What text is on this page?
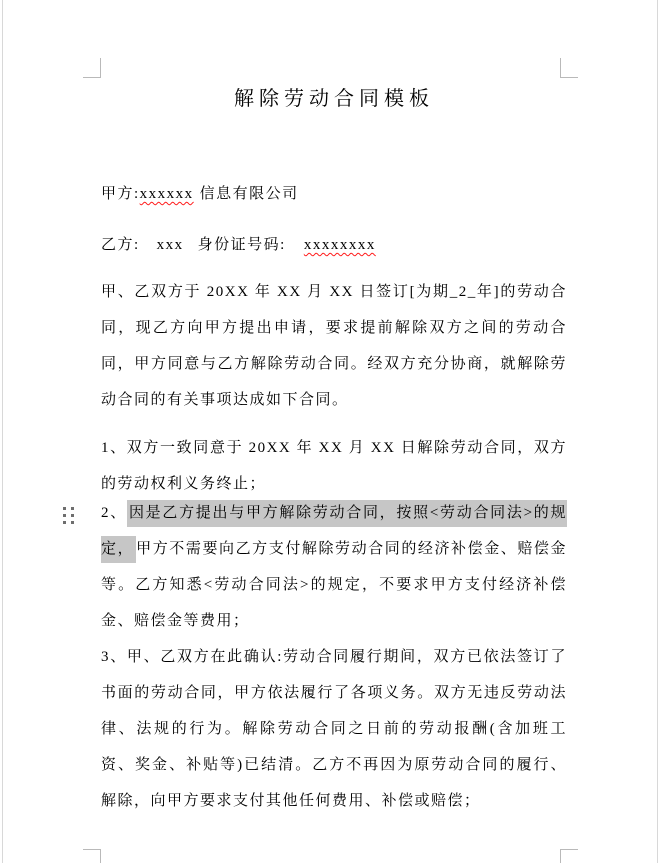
解除劳动合同模板
甲方:xxxxxx 信息有限公司
乙方: xxx 身份证号码: xxxxxxxx
甲、乙双方于 20XX 年 XX 月 XX 日签订[为期_2_年]的劳动合同，现乙方向甲方提出申请，要求提前解除双方之间的劳动合同，甲方同意与乙方解除劳动合同。经双方充分协商，就解除劳动合同的有关事项达成如下合同。
1、双方一致同意于 20XX 年 XX 月 XX 日解除劳动合同，双方的劳动权利义务终止；
2、 因是乙方提出与甲方解除劳动合同，按照<劳动合同法>的规定， 甲方不需要向乙方支付解除劳动合同的经济补偿金、赔偿金等。乙方知悉<劳动合同法>的规定，不要求甲方支付经济补偿金、赔偿金等费用；
3、甲、乙双方在此确认:劳动合同履行期间，双方已依法签订了书面的劳动合同，甲方依法履行了各项义务。双方无违反劳动法律、法规的行为。解除劳动合同之日前的劳动报酬(含加班工资、奖金、补贴等)已结清。乙方不再因为原劳动合同的履行、解除，向甲方要求支付其他任何费用、补偿或赔偿；
